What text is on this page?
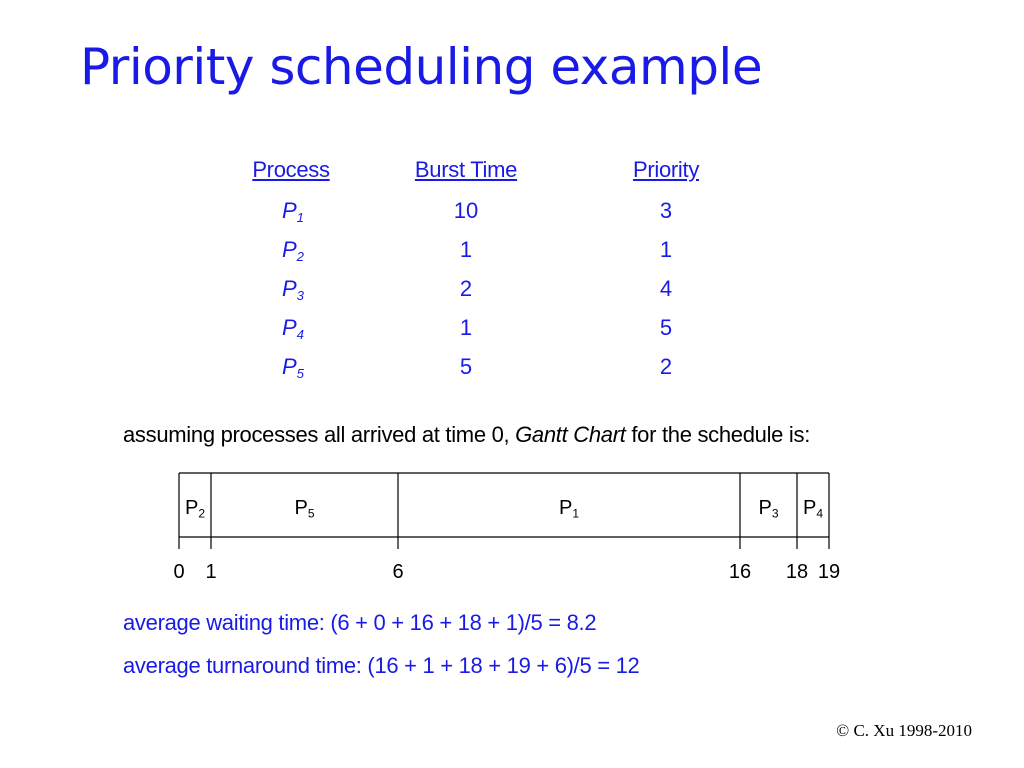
Priority scheduling example
Process	Burst Time	Priority
$P_1$	10	3
$P_2$	1	1
$P_3$	2	4
$P_4$	1	5
$P_5$	5	2
assuming processes all arrived at time 0, Gantt Chart for the schedule is:
$P_2$	$P_5$	$P_1$	$P_3$ $P_4$
0 1	6	16 18 19
average waiting time: (6 + 0 + 16 + 18 + 1)/5 = 8.2
average turnaround time: (16 + 1 + 18 + 19 + 6)/5 = 12
© C. Xu 1998-2010
